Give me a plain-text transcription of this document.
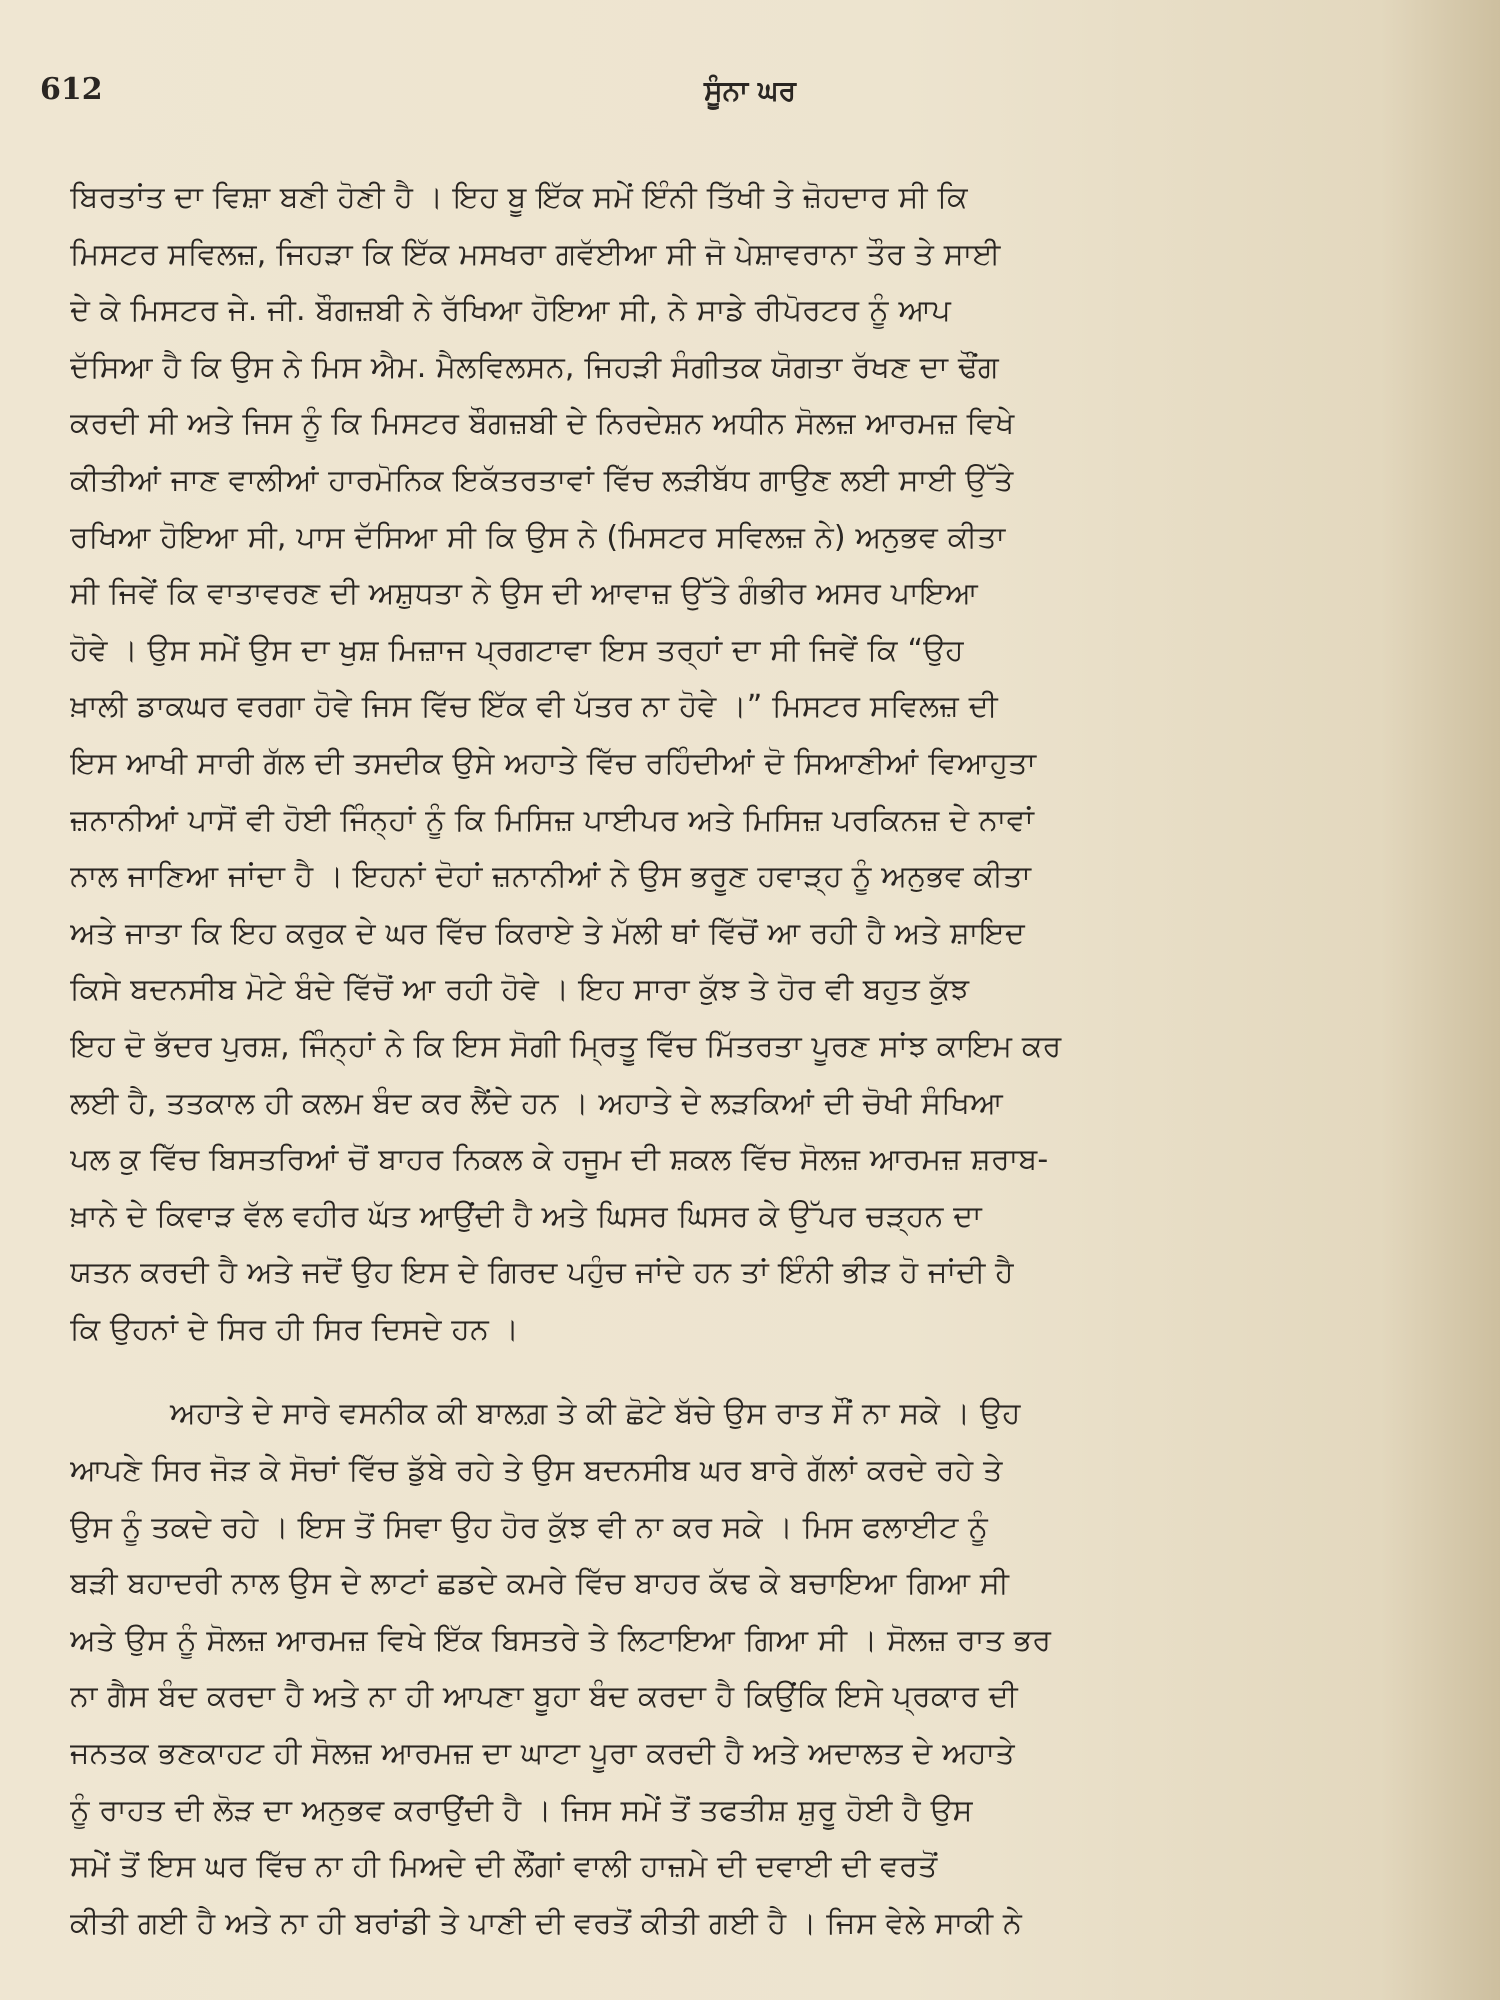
612	ਸੂੰਨਾ ਘਰ
ਬਿਰਤਾਂਤ ਦਾ ਵਿਸ਼ਾ ਬਣੀ ਹੋਣੀ ਹੈ । ਇਹ ਬੂ ਇੱਕ ਸਮੇਂ ਇੰਨੀ ਤਿੱਖੀ ਤੇ ਜ਼ੋਹਦਾਰ ਸੀ ਕਿ
ਮਿਸਟਰ ਸਵਿਲਜ਼, ਜਿਹੜਾ ਕਿ ਇੱਕ ਮਸਖਰਾ ਗਵੱਈਆ ਸੀ ਜੋ ਪੇਸ਼ਾਵਰਾਨਾ ਤੌਰ ਤੇ ਸਾਈ
ਦੇ ਕੇ ਮਿਸਟਰ ਜੇ. ਜੀ. ਬੌਗਜ਼ਬੀ ਨੇ ਰੱਖਿਆ ਹੋਇਆ ਸੀ, ਨੇ ਸਾਡੇ ਰੀਪੋਰਟਰ ਨੂੰ ਆਪ
ਦੱਸਿਆ ਹੈ ਕਿ ਉਸ ਨੇ ਮਿਸ ਐਮ. ਮੈਲਵਿਲਸਨ, ਜਿਹੜੀ ਸੰਗੀਤਕ ਯੋਗਤਾ ਰੱਖਣ ਦਾ ਢੌਂਗ
ਕਰਦੀ ਸੀ ਅਤੇ ਜਿਸ ਨੂੰ ਕਿ ਮਿਸਟਰ ਬੌਗਜ਼ਬੀ ਦੇ ਨਿਰਦੇਸ਼ਨ ਅਧੀਨ ਸੋਲਜ਼ ਆਰਮਜ਼ ਵਿਖੇ
ਕੀਤੀਆਂ ਜਾਣ ਵਾਲੀਆਂ ਹਾਰਮੋਨਿਕ ਇਕੱਤਰਤਾਵਾਂ ਵਿੱਚ ਲੜੀਬੱਧ ਗਾਉਣ ਲਈ ਸਾਈ ਉੱਤੇ
ਰਖਿਆ ਹੋਇਆ ਸੀ, ਪਾਸ ਦੱਸਿਆ ਸੀ ਕਿ ਉਸ ਨੇ (ਮਿਸਟਰ ਸਵਿਲਜ਼ ਨੇ) ਅਨੁਭਵ ਕੀਤਾ
ਸੀ ਜਿਵੇਂ ਕਿ ਵਾਤਾਵਰਣ ਦੀ ਅਸ਼ੁਧਤਾ ਨੇ ਉਸ ਦੀ ਆਵਾਜ਼ ਉੱਤੇ ਗੰਭੀਰ ਅਸਰ ਪਾਇਆ
ਹੋਵੇ । ਉਸ ਸਮੇਂ ਉਸ ਦਾ ਖੁਸ਼ ਮਿਜ਼ਾਜ ਪ੍ਰਗਟਾਵਾ ਇਸ ਤਰ੍ਹਾਂ ਦਾ ਸੀ ਜਿਵੇਂ ਕਿ “ਉਹ
ਖ਼ਾਲੀ ਡਾਕਘਰ ਵਰਗਾ ਹੋਵੇ ਜਿਸ ਵਿੱਚ ਇੱਕ ਵੀ ਪੱਤਰ ਨਾ ਹੋਵੇ ।” ਮਿਸਟਰ ਸਵਿਲਜ਼ ਦੀ
ਇਸ ਆਖੀ ਸਾਰੀ ਗੱਲ ਦੀ ਤਸਦੀਕ ਉਸੇ ਅਹਾਤੇ ਵਿੱਚ ਰਹਿੰਦੀਆਂ ਦੋ ਸਿਆਣੀਆਂ ਵਿਆਹੁਤਾ
ਜ਼ਨਾਨੀਆਂ ਪਾਸੋਂ ਵੀ ਹੋਈ ਜਿੰਨ੍ਹਾਂ ਨੂੰ ਕਿ ਮਿਸਿਜ਼ ਪਾਈਪਰ ਅਤੇ ਮਿਸਿਜ਼ ਪਰਕਿਨਜ਼ ਦੇ ਨਾਵਾਂ
ਨਾਲ ਜਾਣਿਆ ਜਾਂਦਾ ਹੈ । ਇਹਨਾਂ ਦੋਹਾਂ ਜ਼ਨਾਨੀਆਂ ਨੇ ਉਸ ਭਰੂਣ ਹਵਾੜ੍ਹ ਨੂੰ ਅਨੁਭਵ ਕੀਤਾ
ਅਤੇ ਜਾਤਾ ਕਿ ਇਹ ਕਰੁਕ ਦੇ ਘਰ ਵਿੱਚ ਕਿਰਾਏ ਤੇ ਮੱਲੀ ਥਾਂ ਵਿੱਚੋਂ ਆ ਰਹੀ ਹੈ ਅਤੇ ਸ਼ਾਇਦ
ਕਿਸੇ ਬਦਨਸੀਬ ਮੋਟੇ ਬੰਦੇ ਵਿੱਚੋਂ ਆ ਰਹੀ ਹੋਵੇ । ਇਹ ਸਾਰਾ ਕੁੱਝ ਤੇ ਹੋਰ ਵੀ ਬਹੁਤ ਕੁੱਝ
ਇਹ ਦੋ ਭੱਦਰ ਪੁਰਸ਼, ਜਿੰਨ੍ਹਾਂ ਨੇ ਕਿ ਇਸ ਸੋਗੀ ਮ੍ਰਿਤੂ ਵਿੱਚ ਮਿੱਤਰਤਾ ਪੂਰਣ ਸਾਂਝ ਕਾਇਮ ਕਰ
ਲਈ ਹੈ, ਤਤਕਾਲ ਹੀ ਕਲਮ ਬੰਦ ਕਰ ਲੈਂਦੇ ਹਨ । ਅਹਾਤੇ ਦੇ ਲੜਕਿਆਂ ਦੀ ਚੋਖੀ ਸੰਖਿਆ
ਪਲ ਕੁ ਵਿੱਚ ਬਿਸਤਰਿਆਂ ਚੋਂ ਬਾਹਰ ਨਿਕਲ ਕੇ ਹਜੂਮ ਦੀ ਸ਼ਕਲ ਵਿੱਚ ਸੋਲਜ਼ ਆਰਮਜ਼ ਸ਼ਰਾਬ-
ਖ਼ਾਨੇ ਦੇ ਕਿਵਾੜ ਵੱਲ ਵਹੀਰ ਘੱਤ ਆਉਂਦੀ ਹੈ ਅਤੇ ਘਿਸਰ ਘਿਸਰ ਕੇ ਉੱਪਰ ਚੜ੍ਹਨ ਦਾ
ਯਤਨ ਕਰਦੀ ਹੈ ਅਤੇ ਜਦੋਂ ਉਹ ਇਸ ਦੇ ਗਿਰਦ ਪਹੁੰਚ ਜਾਂਦੇ ਹਨ ਤਾਂ ਇੰਨੀ ਭੀੜ ਹੋ ਜਾਂਦੀ ਹੈ
ਕਿ ਉਹਨਾਂ ਦੇ ਸਿਰ ਹੀ ਸਿਰ ਦਿਸਦੇ ਹਨ ।
ਅਹਾਤੇ ਦੇ ਸਾਰੇ ਵਸਨੀਕ ਕੀ ਬਾਲਗ਼ ਤੇ ਕੀ ਛੋਟੇ ਬੱਚੇ ਉਸ ਰਾਤ ਸੌਂ ਨਾ ਸਕੇ । ਉਹ
ਆਪਣੇ ਸਿਰ ਜੋੜ ਕੇ ਸੋਚਾਂ ਵਿੱਚ ਡੁੱਬੇ ਰਹੇ ਤੇ ਉਸ ਬਦਨਸੀਬ ਘਰ ਬਾਰੇ ਗੱਲਾਂ ਕਰਦੇ ਰਹੇ ਤੇ
ਉਸ ਨੂੰ ਤਕਦੇ ਰਹੇ । ਇਸ ਤੋਂ ਸਿਵਾ ਉਹ ਹੋਰ ਕੁੱਝ ਵੀ ਨਾ ਕਰ ਸਕੇ । ਮਿਸ ਫਲਾਈਟ ਨੂੰ
ਬੜੀ ਬਹਾਦਰੀ ਨਾਲ ਉਸ ਦੇ ਲਾਟਾਂ ਛਡਦੇ ਕਮਰੇ ਵਿੱਚ ਬਾਹਰ ਕੱਢ ਕੇ ਬਚਾਇਆ ਗਿਆ ਸੀ
ਅਤੇ ਉਸ ਨੂੰ ਸੋਲਜ਼ ਆਰਮਜ਼ ਵਿਖੇ ਇੱਕ ਬਿਸਤਰੇ ਤੇ ਲਿਟਾਇਆ ਗਿਆ ਸੀ । ਸੋਲਜ਼ ਰਾਤ ਭਰ
ਨਾ ਗੈਸ ਬੰਦ ਕਰਦਾ ਹੈ ਅਤੇ ਨਾ ਹੀ ਆਪਣਾ ਬੂਹਾ ਬੰਦ ਕਰਦਾ ਹੈ ਕਿਉਂਕਿ ਇਸੇ ਪ੍ਰਕਾਰ ਦੀ
ਜਨਤਕ ਭਣਕਾਹਟ ਹੀ ਸੋਲਜ਼ ਆਰਮਜ਼ ਦਾ ਘਾਟਾ ਪੂਰਾ ਕਰਦੀ ਹੈ ਅਤੇ ਅਦਾਲਤ ਦੇ ਅਹਾਤੇ
ਨੂੰ ਰਾਹਤ ਦੀ ਲੋੜ ਦਾ ਅਨੁਭਵ ਕਰਾਉਂਦੀ ਹੈ । ਜਿਸ ਸਮੇਂ ਤੋਂ ਤਫਤੀਸ਼ ਸ਼ੁਰੂ ਹੋਈ ਹੈ ਉਸ
ਸਮੇਂ ਤੋਂ ਇਸ ਘਰ ਵਿੱਚ ਨਾ ਹੀ ਮਿਅਦੇ ਦੀ ਲੌਂਗਾਂ ਵਾਲੀ ਹਾਜ਼ਮੇ ਦੀ ਦਵਾਈ ਦੀ ਵਰਤੋਂ
ਕੀਤੀ ਗਈ ਹੈ ਅਤੇ ਨਾ ਹੀ ਬਰਾਂਡੀ ਤੇ ਪਾਣੀ ਦੀ ਵਰਤੋਂ ਕੀਤੀ ਗਈ ਹੈ । ਜਿਸ ਵੇਲੇ ਸਾਕੀ ਨੇ
